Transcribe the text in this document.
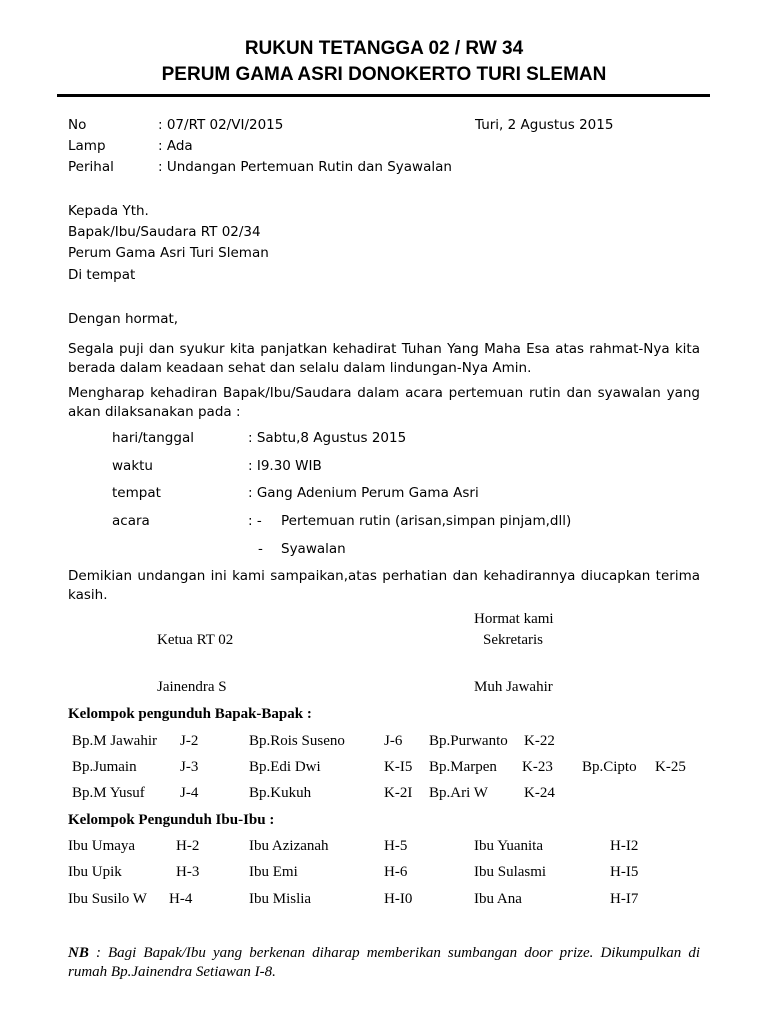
RUKUN TETANGGA 02 / RW 34
PERUM GAMA ASRI DONOKERTO TURI SLEMAN
No	: 07/RT 02/VI/2015	Turi, 2 Agustus 2015
Lamp	: Ada
Perihal	: Undangan Pertemuan Rutin dan Syawalan
Kepada Yth.
Bapak/Ibu/Saudara RT 02/34
Perum Gama Asri Turi Sleman
Di tempat
Dengan hormat,
Segala puji dan syukur kita panjatkan kehadirat Tuhan Yang Maha Esa atas rahmat-Nya kita berada dalam keadaan sehat dan selalu dalam lindungan-Nya Amin.
Mengharap kehadiran Bapak/Ibu/Saudara dalam acara pertemuan rutin dan syawalan yang akan dilaksanakan pada :
hari/tanggal	: Sabtu,8 Agustus 2015
waktu	: I9.30 WIB
tempat	: Gang Adenium Perum Gama Asri
acara	: - Pertemuan rutin (arisan,simpan pinjam,dll)
- Syawalan
Demikian undangan ini kami sampaikan,atas perhatian dan kehadirannya diucapkan terima kasih.
Hormat kami
Ketua RT 02	Sekretaris
Jainendra S	Muh Jawahir
Kelompok pengunduh Bapak-Bapak :
Bp.M Jawahir J-2	Bp.Rois Suseno	J-6 Bp.Purwanto K-22
Bp.Jumain	J-3	Bp.Edi Dwi	K-I5 Bp.Marpen K-23 Bp.Cipto K-25
Bp.M Yusuf J-4	Bp.Kukuh	K-2I Bp.Ari W K-24
Kelompok Pengunduh Ibu-Ibu :
Ibu Umaya	H-2	Ibu Azizanah	H-5	Ibu Yuanita	H-I2
Ibu Upik	H-3	Ibu Emi	H-6	Ibu Sulasmi	H-I5
Ibu Susilo W H-4	Ibu Mislia	H-I0	Ibu Ana	H-I7
NB : Bagi Bapak/Ibu yang berkenan diharap memberikan sumbangan door prize. Dikumpulkan di rumah Bp.Jainendra Setiawan I-8.
